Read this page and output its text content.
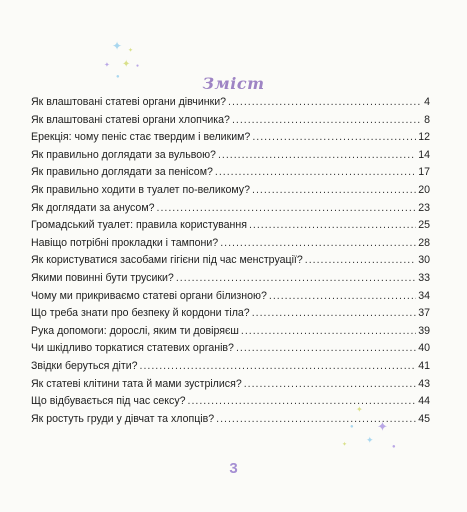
✦ ✦
✦
✦
●
●
✦
✦
●
✦
✦	●
Зміст
Як влаштовані статеві органи дівчинки? .....	4
Як влаштовані статеві органи хлопчика? .....	8
Ерекція: чому пеніс стає твердим і великим? .....	12
Як правильно доглядати за вульвою? .....	14
Як правильно доглядати за пенісом? .....	17
Як правильно ходити в туалет по-великому? .....	20
Як доглядати за анусом? .....	23
Громадський туалет: правила користування .....	25
Навіщо потрібні прокладки і тампони? .....	28
Як користуватися засобами гігієни під час менструації? .....	30
Якими повинні бути трусики? .....	33
Чому ми прикриваємо статеві органи білизною? .....	34
Що треба знати про безпеку й кордони тіла? .....	37
Рука допомоги: дорослі, яким ти довіряєш .....	39
Чи шкідливо торкатися статевих органів? .....	40
Звідки беруться діти? .....	41
Як статеві клітини тата й мами зустрілися? .....	43
Що відбувається під час сексу? .....	44
Як ростуть груди у дівчат та хлопців? .....	45
3
